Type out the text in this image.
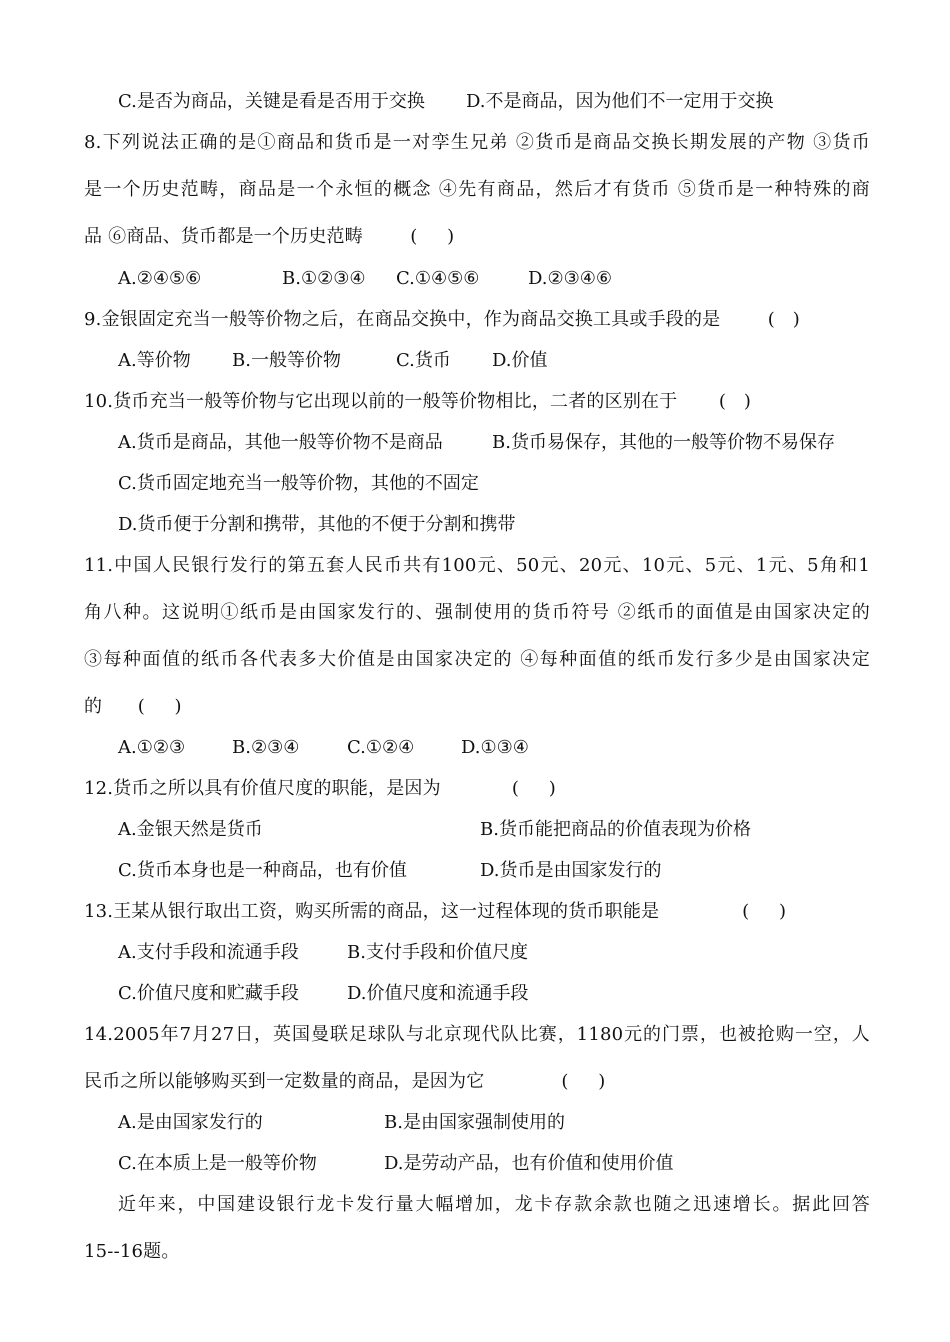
C.是否为商品，关键是看是否用于交换 D.不是商品，因为他们不一定用于交换
8.下列说法正确的是①商品和货币是一对孪生兄弟 ②货币是商品交换长期发展的产物 ③货币
是一个历史范畴，商品是一个永恒的概念 ④先有商品，然后才有货币 ⑤货币是一种特殊的商
品 ⑥商品、货币都是一个历史范畴        (     )
A.②④⑤⑥	B.①②③④ C.①④⑤⑥	D.②③④⑥
9.金银固定充当一般等价物之后，在商品交换中，作为商品交换工具或手段的是        (   )
A.等价物 B.一般等价物	C.货币 D.价值
10.货币充当一般等价物与它出现以前的一般等价物相比，二者的区别在于       (   )
A.货币是商品，其他一般等价物不是商品	B.货币易保存，其他的一般等价物不易保存
C.货币固定地充当一般等价物，其他的不固定
D.货币便于分割和携带，其他的不便于分割和携带
11.中国人民银行发行的第五套人民币共有100元、50元、20元、10元、5元、1元、5角和1
角八种。这说明①纸币是由国家发行的、强制使用的货币符号 ②纸币的面值是由国家决定的
③每种面值的纸币各代表多大价值是由国家决定的 ④每种面值的纸币发行多少是由国家决定
的      (     )
A.①②③	B.②③④	C.①②④	D.①③④
12.货币之所以具有价值尺度的职能，是因为            (     )
A.金银天然是货币	B.货币能把商品的价值表现为价格
C.货币本身也是一种商品，也有价值	D.货币是由国家发行的
13.王某从银行取出工资，购买所需的商品，这一过程体现的货币职能是              (     )
A.支付手段和流通手段	B.支付手段和价值尺度
C.价值尺度和贮藏手段	D.价值尺度和流通手段
14.2005年7月27日，英国曼联足球队与北京现代队比赛，1180元的门票，也被抢购一空，人
民币之所以能够购买到一定数量的商品，是因为它             (     )
A.是由国家发行的	B.是由国家强制使用的
C.在本质上是一般等价物	D.是劳动产品，也有价值和使用价值
近年来，中国建设银行龙卡发行量大幅增加，龙卡存款余款也随之迅速增长。据此回答
15--16题。
